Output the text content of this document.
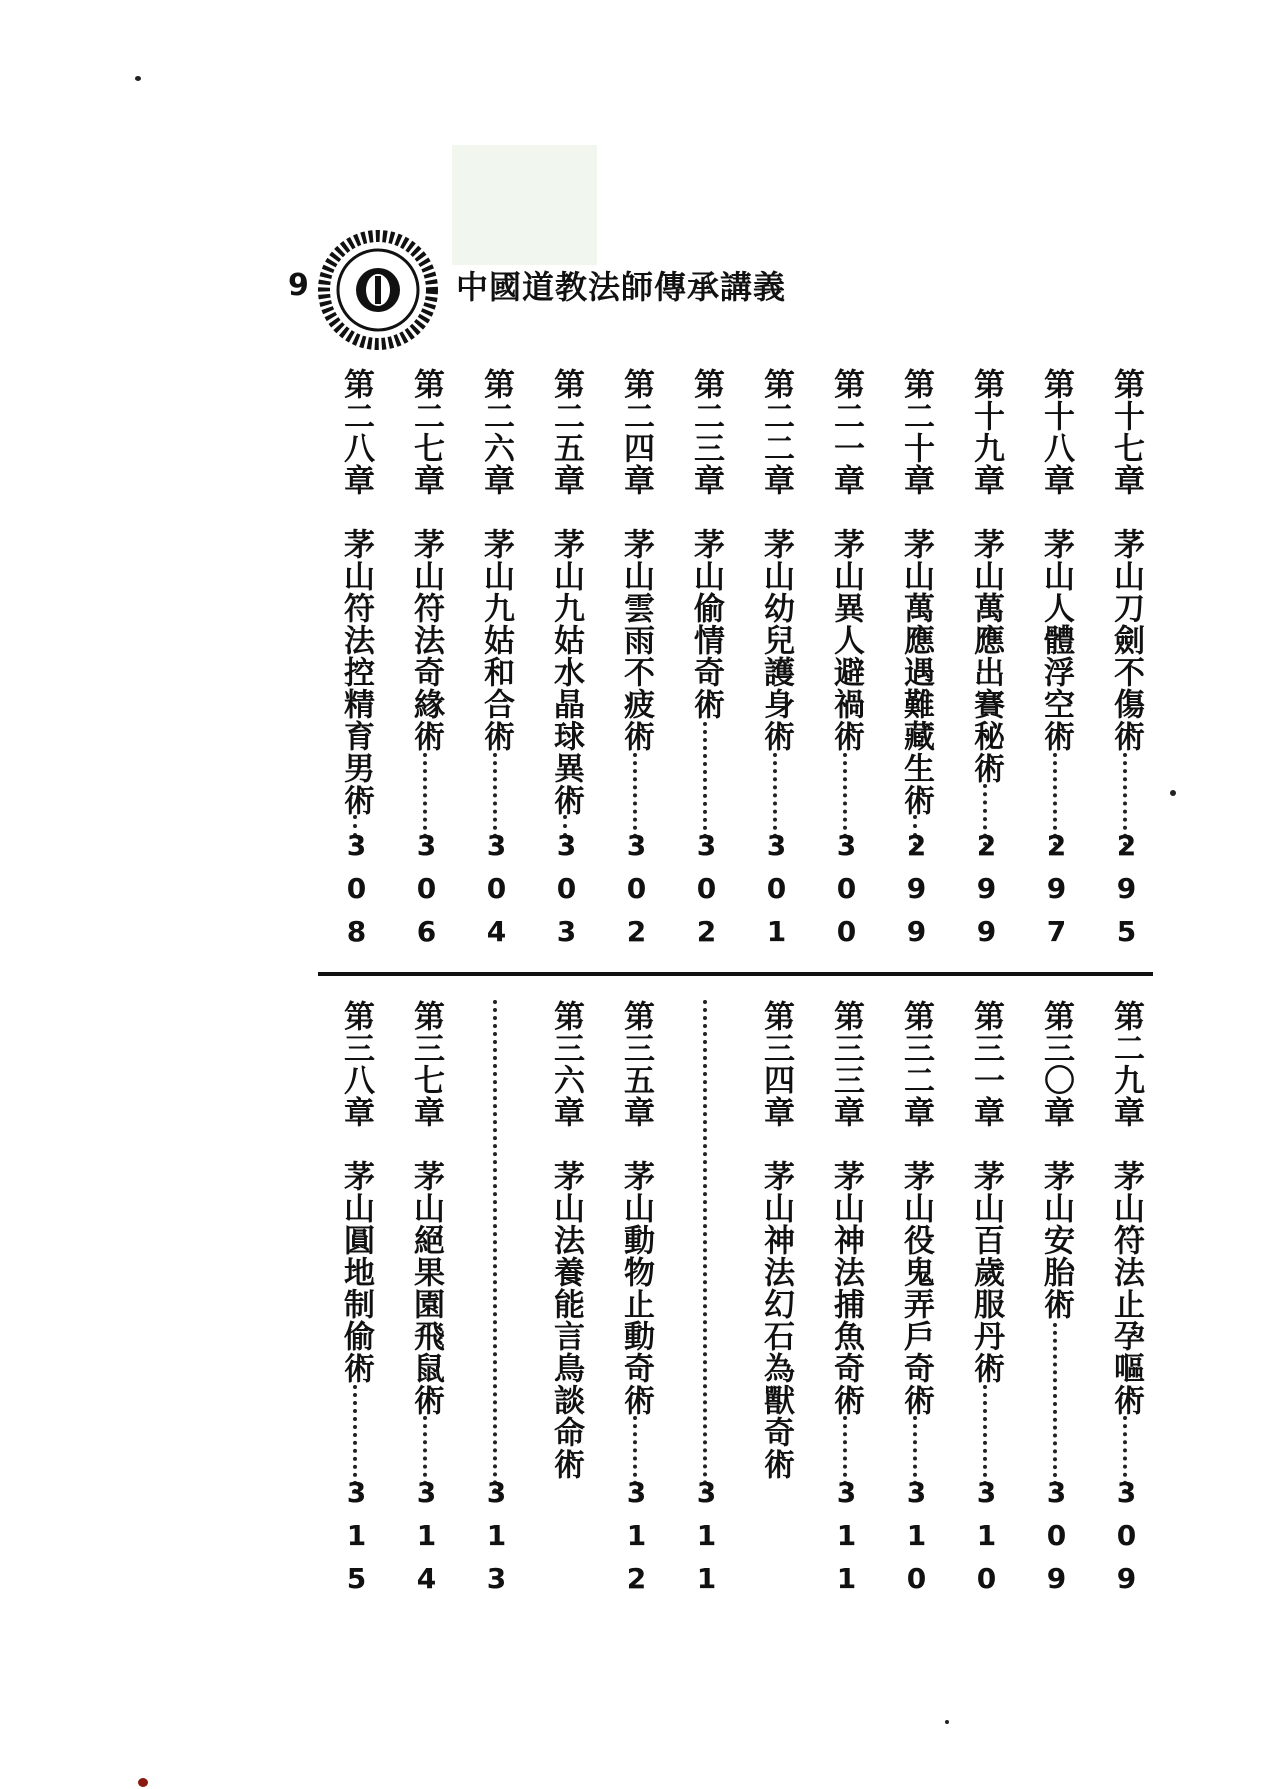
9	中國道教法師傳承講義
第十七章
茅山刀劍不傷術
295
第十八章
茅山人體浮空術
297
第十九章
茅山萬應出賽秘術
299
第二十章
茅山萬應遇難藏生術
299
第二一章
茅山異人避禍術
300
第二二章
茅山幼兒護身術
301
第二三章
茅山偷情奇術
302
第二四章
茅山雲雨不疲術
302
第二五章
茅山九姑水晶球異術
303
第二六章
茅山九姑和合術
304
第二七章
茅山符法奇緣術
306
第二八章
茅山符法控精育男術
308
第二九章
茅山符法止孕嘔術
309
第三〇章
茅山安胎術
309
第三一章
茅山百歲服丹術
310
第三二章
茅山役鬼弄戶奇術
310
第三三章
茅山神法捕魚奇術
311
第三四章
茅山神法幻石為獸奇術
311
第三五章
茅山動物止動奇術
312
第三六章
茅山法養能言鳥談命術
313
第三七章
茅山絕果園飛鼠術
314
第三八章
茅山圓地制偷術
315
